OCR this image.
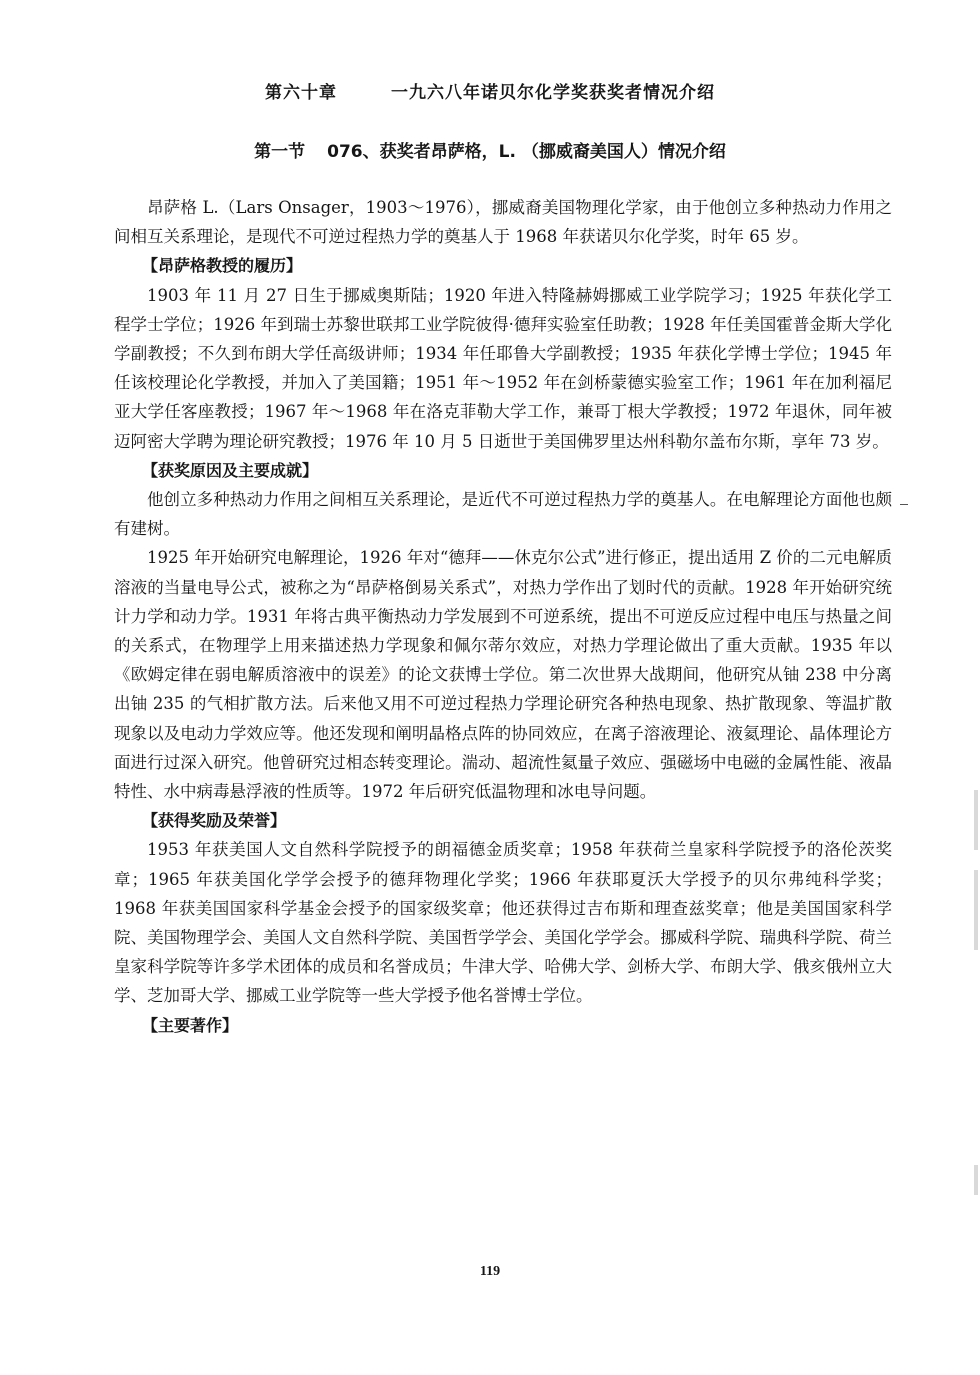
第六十章	一九六八年诺贝尔化学奖获奖者情况介绍
第一节 076、获奖者昂萨格，L. （挪威裔美国人）情况介绍

昂萨格 L.（Lars Onsager，1903～1976），挪威裔美国物理化学家，由于他创立多种热动力作用之间相互关系理论，是现代不可逆过程热力学的奠基人于 1968 年获诺贝尔化学奖，时年 65 岁。

【昂萨格教授的履历】

1903 年 11 月 27 日生于挪威奥斯陆；1920 年进入特隆赫姆挪威工业学院学习；1925 年获化学工程学士学位；1926 年到瑞士苏黎世联邦工业学院彼得·德拜实验室任助教；1928 年任美国霍普金斯大学化学副教授；不久到布朗大学任高级讲师；1934 年任耶鲁大学副教授；1935 年获化学博士学位；1945 年任该校理论化学教授，并加入了美国籍；1951 年～1952 年在剑桥蒙德实验室工作；1961 年在加利福尼亚大学任客座教授；1967 年～1968 年在洛克菲勒大学工作，兼哥丁根大学教授；1972 年退休，同年被迈阿密大学聘为理论研究教授；1976 年 10 月 5 日逝世于美国佛罗里达州科勒尔盖布尔斯，享年 73 岁。

【获奖原因及主要成就】

他创立多种热动力作用之间相互关系理论，是近代不可逆过程热力学的奠基人。在电解理论方面他也颇有建树。

1925 年开始研究电解理论，1926 年对“德拜——休克尔公式”进行修正，提出适用 Z 价的二元电解质溶液的当量电导公式，被称之为“昂萨格倒易关系式”，对热力学作出了划时代的贡献。1928 年开始研究统计力学和动力学。1931 年将古典平衡热动力学发展到不可逆系统，提出不可逆反应过程中电压与热量之间的关系式，在物理学上用来描述热力学现象和佩尔蒂尔效应，对热力学理论做出了重大贡献。1935 年以《欧姆定律在弱电解质溶液中的误差》的论文获博士学位。第二次世界大战期间，他研究从铀 238 中分离出铀 235 的气相扩散方法。后来他又用不可逆过程热力学理论研究各种热电现象、热扩散现象、等温扩散现象以及电动力学效应等。他还发现和阐明晶格点阵的协同效应，在离子溶液理论、液氦理论、晶体理论方面进行过深入研究。他曾研究过相态转变理论。湍动、超流性氦量子效应、强磁场中电磁的金属性能、液晶特性、水中病毒悬浮液的性质等。1972 年后研究低温物理和冰电导问题。

【获得奖励及荣誉】

1953 年获美国人文自然科学院授予的朗福德金质奖章；1958 年获荷兰皇家科学院授予的洛伦茨奖章；1965 年获美国化学学会授予的德拜物理化学奖；1966 年获耶夏沃大学授予的贝尔弗纯科学奖；1968 年获美国国家科学基金会授予的国家级奖章；他还获得过吉布斯和理查兹奖章；他是美国国家科学院、美国物理学会、美国人文自然科学院、美国哲学学会、美国化学学会。挪威科学院、瑞典科学院、荷兰皇家科学院等许多学术团体的成员和名誉成员；牛津大学、哈佛大学、剑桥大学、布朗大学、俄亥俄州立大学、芝加哥大学、挪威工业学院等一些大学授予他名誉博士学位。

【主要著作】
119
